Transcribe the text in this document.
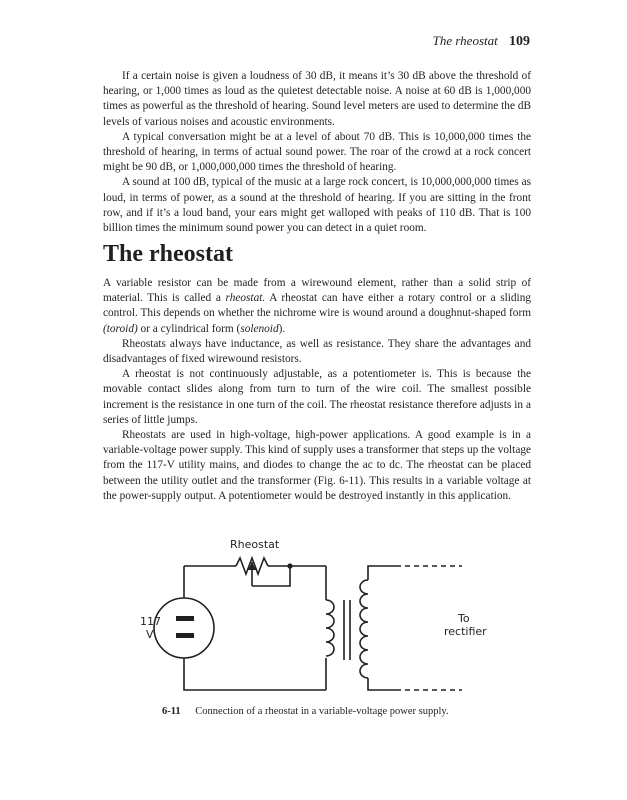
The rheostat 109

If a certain noise is given a loudness of 30 dB, it means it’s 30 dB above the threshold of hearing, or 1,000 times as loud as the quietest detectable noise. A noise at 60 dB is 1,000,000 times as powerful as the threshold of hearing. Sound level meters are used to determine the dB levels of various noises and acoustic environments.

A typical conversation might be at a level of about 70 dB. This is 10,000,000 times the threshold of hearing, in terms of actual sound power. The roar of the crowd at a rock concert might be 90 dB, or 1,000,000,000 times the threshold of hearing.

A sound at 100 dB, typical of the music at a large rock concert, is 10,000,000,000 times as loud, in terms of power, as a sound at the threshold of hearing. If you are sitting in the front row, and if it’s a loud band, your ears might get walloped with peaks of 110 dB. That is 100 billion times the minimum sound power you can detect in a quiet room.

The rheostat

A variable resistor can be made from a wirewound element, rather than a solid strip of material. This is called a rheostat. A rheostat can have either a rotary control or a sliding control. This depends on whether the nichrome wire is wound around a doughnut-shaped form (toroid) or a cylindrical form (solenoid).

Rheostats always have inductance, as well as resistance. They share the advantages and disadvantages of fixed wirewound resistors.

A rheostat is not continuously adjustable, as a potentiometer is. This is because the movable contact slides along from turn to turn of the wire coil. The smallest possible increment is the resistance in one turn of the coil. The rheostat resistance therefore adjusts in a series of little jumps.

Rheostats are used in high-voltage, high-power applications. A good example is in a variable-voltage power supply. This kind of supply uses a transformer that steps up the voltage from the 117-V utility mains, and diodes to change the ac to dc. The rheostat can be placed between the utility outlet and the transformer (Fig. 6-11). This results in a variable voltage at the power-supply output. A potentiometer would be destroyed instantly in this application.

Rheostat
117
V
To
rectifier
6-11 Connection of a rheostat in a variable-voltage power supply.
